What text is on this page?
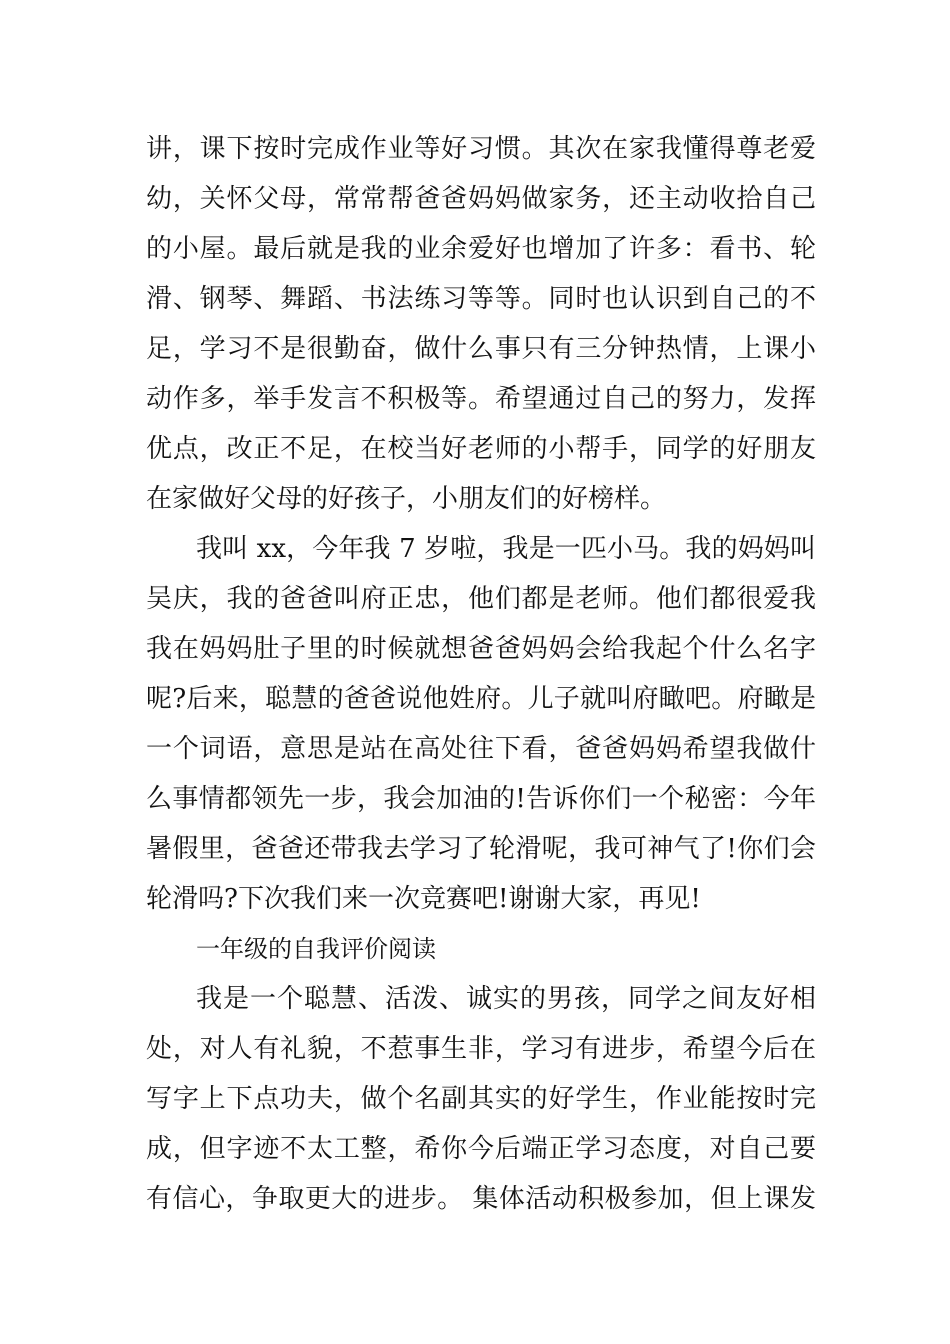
讲，课下按时完成作业等好习惯。其次在家我懂得尊老爱
幼，关怀父母，常常帮爸爸妈妈做家务，还主动收拾自己
的小屋。最后就是我的业余爱好也增加了许多：看书、轮
滑、钢琴、舞蹈、书法练习等等。同时也认识到自己的不
足，学习不是很勤奋，做什么事只有三分钟热情，上课小
动作多，举手发言不积极等。希望通过自己的努力，发挥
优点，改正不足，在校当好老师的小帮手，同学的好朋友
在家做好父母的好孩子，小朋友们的好榜样。
我叫 xx，今年我 7 岁啦，我是一匹小马。我的妈妈叫
吴庆，我的爸爸叫府正忠，他们都是老师。他们都很爱我
我在妈妈肚子里的时候就想爸爸妈妈会给我起个什么名字
呢?后来，聪慧的爸爸说他姓府。儿子就叫府瞰吧。府瞰是
一个词语，意思是站在高处往下看，爸爸妈妈希望我做什
么事情都领先一步，我会加油的!告诉你们一个秘密：今年
暑假里，爸爸还带我去学习了轮滑呢，我可神气了!你们会
轮滑吗?下次我们来一次竞赛吧!谢谢大家，再见!
一年级的自我评价阅读
我是一个聪慧、活泼、诚实的男孩，同学之间友好相
处，对人有礼貌，不惹事生非，学习有进步，希望今后在
写字上下点功夫，做个名副其实的好学生，作业能按时完
成，但字迹不太工整，希你今后端正学习态度，对自己要
有信心，争取更大的进步。 集体活动积极参加，但上课发
